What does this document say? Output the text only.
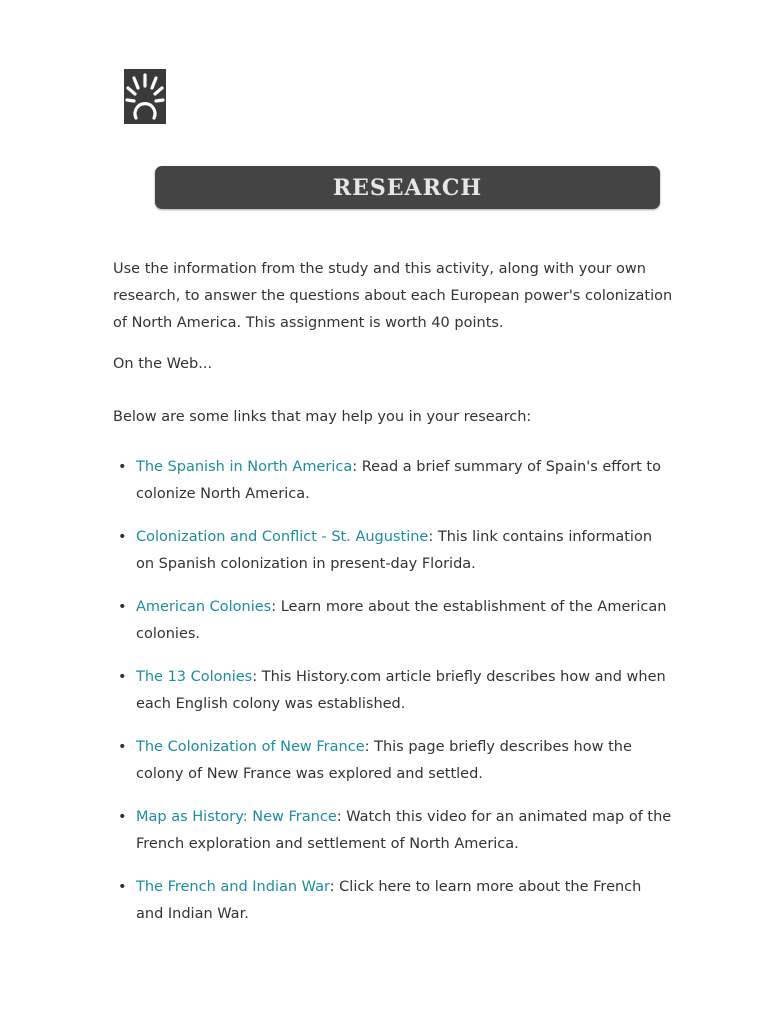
RESEARCH

Use the information from the study and this activity, along with your own research, to answer the questions about each European power's colonization of North America. This assignment is worth 40 points.

On the Web...

Below are some links that may help you in your research:

• The Spanish in North America: Read a brief summary of Spain's effort to colonize North America.
• Colonization and Conflict - St. Augustine: This link contains information on Spanish colonization in present-day Florida.
• American Colonies: Learn more about the establishment of the American colonies.
• The 13 Colonies: This History.com article briefly describes how and when each English colony was established.
• The Colonization of New France: This page briefly describes how the colony of New France was explored and settled.
• Map as History: New France: Watch this video for an animated map of the French exploration and settlement of North America.
• The French and Indian War: Click here to learn more about the French and Indian War.
